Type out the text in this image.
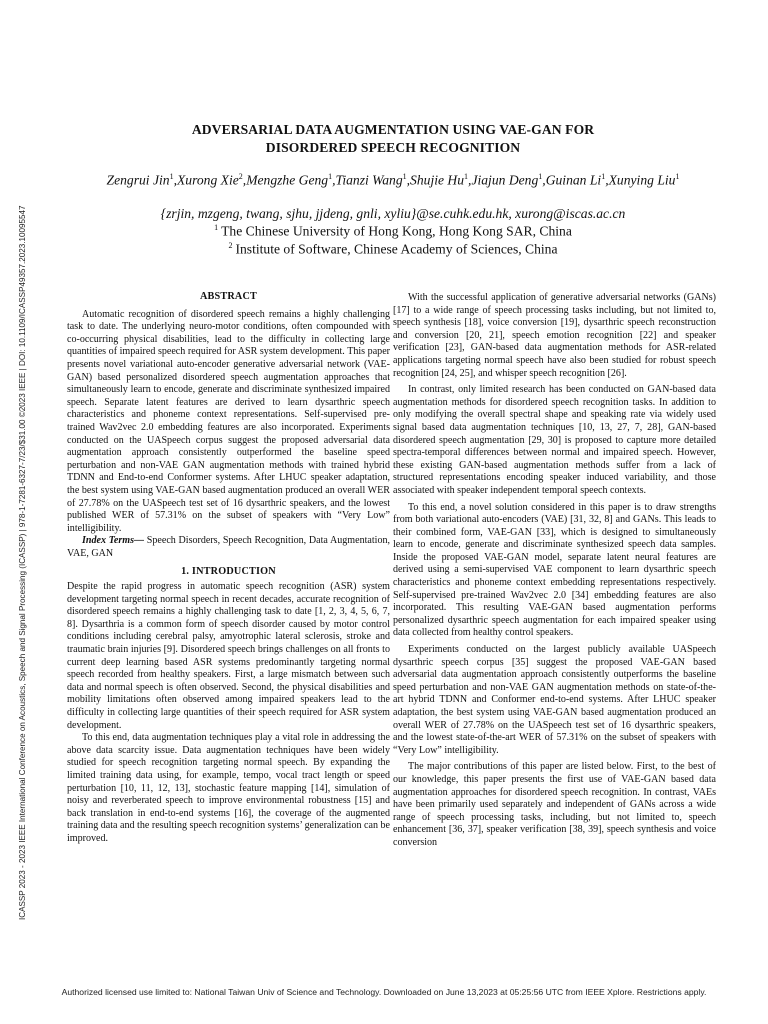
ICASSP 2023 - 2023 IEEE International Conference on Acoustics, Speech and Signal Processing (ICASSP) | 978-1-7281-6327-7/23/$31.00 ©2023 IEEE | DOI: 10.1109/ICASSP49357.2023.10095547
ADVERSARIAL DATA AUGMENTATION USING VAE-GAN FOR
DISORDERED SPEECH RECOGNITION
Zengrui Jin$^1$,Xurong Xie$^2$,Mengzhe Geng$^1$,Tianzi Wang$^1$,Shujie Hu$^1$,Jiajun Deng$^1$,Guinan Li$^1$,Xunying Liu$^1$
{zrjin, mzgeng, twang, sjhu, jjdeng, gnli, xyliu}@se.cuhk.edu.hk, xurong@iscas.ac.cn
$^1$ The Chinese University of Hong Kong, Hong Kong SAR, China
$^2$ Institute of Software, Chinese Academy of Sciences, China
ABSTRACT

Automatic recognition of disordered speech remains a highly challenging task to date. The underlying neuro-motor conditions, often compounded with co-occurring physical disabilities, lead to the difficulty in collecting large quantities of impaired speech required for ASR system development. This paper presents novel variational auto-encoder generative adversarial network (VAE-GAN) based personalized disordered speech augmentation approaches that simultaneously learn to encode, generate and discriminate synthesized impaired speech. Separate latent features are derived to learn dysarthric speech characteristics and phoneme context representations. Self-supervised pre-trained Wav2vec 2.0 embedding features are also incorporated. Experiments conducted on the UASpeech corpus suggest the proposed adversarial data augmentation approach consistently outperformed the baseline speed perturbation and non-VAE GAN augmentation methods with trained hybrid TDNN and End-to-end Conformer systems. After LHUC speaker adaptation, the best system using VAE-GAN based augmentation produced an overall WER of 27.78% on the UASpeech test set of 16 dysarthric speakers, and the lowest published WER of 57.31% on the subset of speakers with “Very Low” intelligibility.

Index Terms— Speech Disorders, Speech Recognition, Data Augmentation, VAE, GAN

1. INTRODUCTION

Despite the rapid progress in automatic speech recognition (ASR) system development targeting normal speech in recent decades, accurate recognition of disordered speech remains a highly challenging task to date [1, 2, 3, 4, 5, 6, 7, 8]. Dysarthria is a common form of speech disorder caused by motor control conditions including cerebral palsy, amyotrophic lateral sclerosis, stroke and traumatic brain injuries [9]. Disordered speech brings challenges on all fronts to current deep learning based ASR systems predominantly targeting normal speech recorded from healthy speakers. First, a large mismatch between such data and normal speech is often observed. Second, the physical disabilities and mobility limitations often observed among impaired speakers lead to the difficulty in collecting large quantities of their speech required for ASR system development.

To this end, data augmentation techniques play a vital role in addressing the above data scarcity issue. Data augmentation techniques have been widely studied for speech recognition targeting normal speech. By expanding the limited training data using, for example, tempo, vocal tract length or speed perturbation [10, 11, 12, 13], stochastic feature mapping [14], simulation of noisy and reverberated speech to improve environmental robustness [15] and back translation in end-to-end systems [16], the coverage of the augmented training data and the resulting speech recognition systems’ generalization can be improved.

With the successful application of generative adversarial networks (GANs) [17] to a wide range of speech processing tasks including, but not limited to, speech synthesis [18], voice conversion [19], dysarthric speech reconstruction and conversion [20, 21], speech emotion recognition [22] and speaker verification [23], GAN-based data augmentation methods for ASR-related applications targeting normal speech have also been studied for robust speech recognition [24, 25], and whisper speech recognition [26].

In contrast, only limited research has been conducted on GAN-based data augmentation methods for disordered speech recognition tasks. In addition to only modifying the overall spectral shape and speaking rate via widely used signal based data augmentation techniques [10, 13, 27, 7, 28], GAN-based disordered speech augmentation [29, 30] is proposed to capture more detailed spectra-temporal differences between normal and impaired speech. However, these existing GAN-based augmentation methods suffer from a lack of structured representations encoding speaker induced variability, and those associated with speaker independent temporal speech contexts.

To this end, a novel solution considered in this paper is to draw strengths from both variational auto-encoders (VAE) [31, 32, 8] and GANs. This leads to their combined form, VAE-GAN [33], which is designed to simultaneously learn to encode, generate and discriminate synthesized speech data samples. Inside the proposed VAE-GAN model, separate latent neural features are derived using a semi-supervised VAE component to learn dysarthric speech characteristics and phoneme context embedding representations respectively. Self-supervised pre-trained Wav2vec 2.0 [34] embedding features are also incorporated. This resulting VAE-GAN based augmentation performs personalized dysarthric speech augmentation for each impaired speaker using data collected from healthy control speakers.

Experiments conducted on the largest publicly available UASpeech dysarthric speech corpus [35] suggest the proposed VAE-GAN based adversarial data augmentation approach consistently outperforms the baseline speed perturbation and non-VAE GAN augmentation methods on state-of-the-art hybrid TDNN and Conformer end-to-end systems. After LHUC speaker adaptation, the best system using VAE-GAN based augmentation produced an overall WER of 27.78% on the UASpeech test set of 16 dysarthric speakers, and the lowest state-of-the-art WER of 57.31% on the subset of speakers with “Very Low” intelligibility.

The major contributions of this paper are listed below. First, to the best of our knowledge, this paper presents the first use of VAE-GAN based data augmentation approaches for disordered speech recognition. In contrast, VAEs have been primarily used separately and independent of GANs across a wide range of speech processing tasks, including, but not limited to, speech enhancement [36, 37], speaker verification [38, 39], speech synthesis and voice conversion

Authorized licensed use limited to: National Taiwan Univ of Science and Technology. Downloaded on June 13,2023 at 05:25:56 UTC from IEEE Xplore. Restrictions apply.
